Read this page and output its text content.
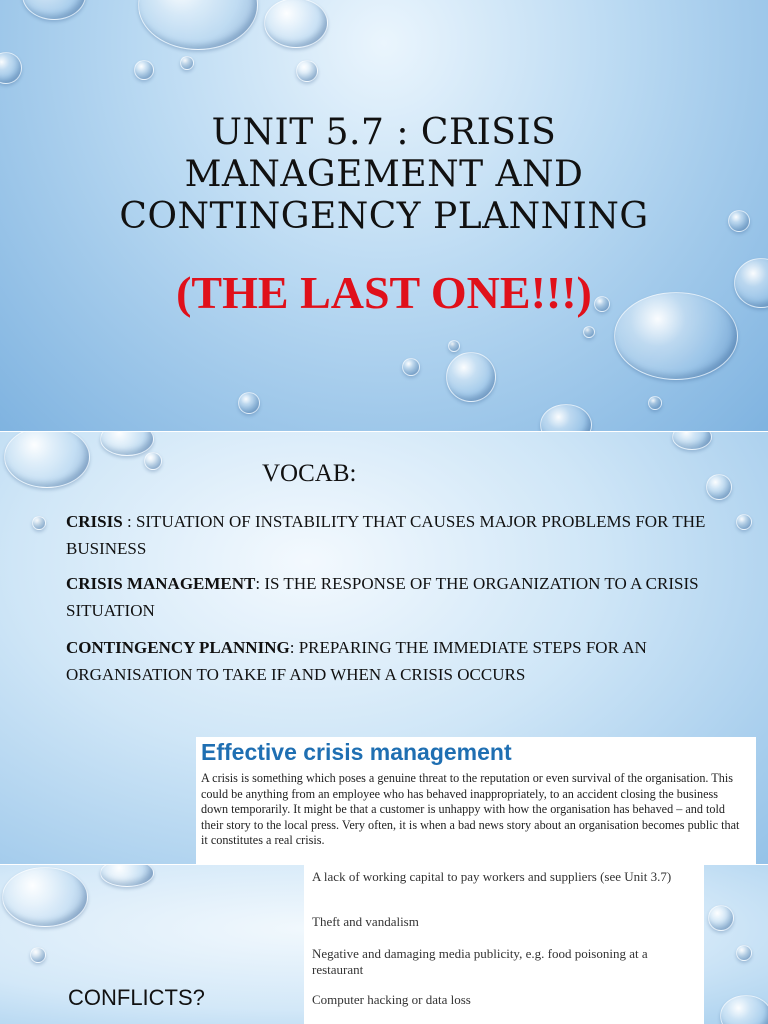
UNIT 5.7 : CRISIS
MANAGEMENT AND
CONTINGENCY PLANNING
(THE LAST ONE!!!)
VOCAB:
CRISIS : SITUATION OF INSTABILITY THAT CAUSES MAJOR PROBLEMS FOR THE BUSINESS
CRISIS MANAGEMENT: IS THE RESPONSE OF THE ORGANIZATION TO A CRISIS SITUATION
CONTINGENCY PLANNING: PREPARING THE IMMEDIATE STEPS FOR AN ORGANISATION TO TAKE IF AND WHEN A CRISIS OCCURS
Effective crisis management
A crisis is something which poses a genuine threat to the reputation or even survival of the organisation. This could be anything from an employee who has behaved inappropriately, to an accident closing the business down temporarily. It might be that a customer is unhappy with how the organisation has behaved – and told their story to the local press. Very often, it is when a bad news story about an organisation becomes public that it constitutes a real crisis.
A lack of working capital to pay workers and suppliers (see Unit 3.7)
Theft and vandalism
Negative and damaging media publicity, e.g. food poisoning at a restaurant
Computer hacking or data loss
CONFLICTS?
